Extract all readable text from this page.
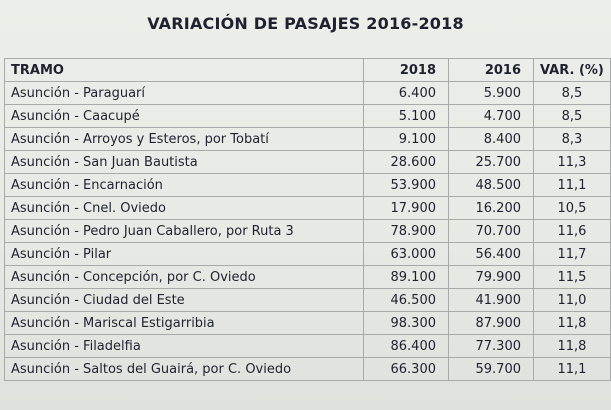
VARIACIÓN DE PASAJES 2016-2018
TRAMO	2018	2016	VAR. (%)
Asunción - Paraguarí	6.400	5.900	8,5
Asunción - Caacupé	5.100	4.700	8,5
Asunción - Arroyos y Esteros, por Tobatí	9.100	8.400	8,3
Asunción - San Juan Bautista	28.600	25.700	11,3
Asunción - Encarnación	53.900	48.500	11,1
Asunción - Cnel. Oviedo	17.900	16.200	10,5
Asunción - Pedro Juan Caballero, por Ruta 3	78.900	70.700	11,6
Asunción - Pilar	63.000	56.400	11,7
Asunción - Concepción, por C. Oviedo	89.100	79.900	11,5
Asunción - Ciudad del Este	46.500	41.900	11,0
Asunción - Mariscal Estigarribia	98.300	87.900	11,8
Asunción - Filadelfia	86.400	77.300	11,8
Asunción - Saltos del Guairá, por C. Oviedo	66.300	59.700	11,1
